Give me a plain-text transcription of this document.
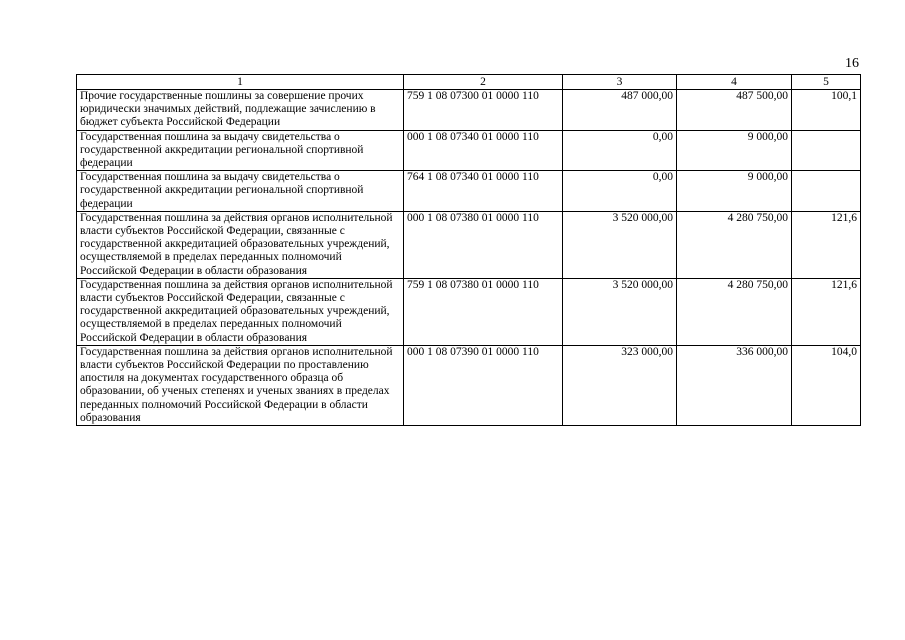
16
1	2	3	4	5
Прочие государственные пошлины за совершение прочих юридически значимых действий, подлежащие зачислению в бюджет субъекта Российской Федерации	759 1 08 07300 01 0000 110	487 000,00	487 500,00	100,1
Государственная пошлина за выдачу свидетельства о государственной аккредитации региональной спортивной федерации	000 1 08 07340 01 0000 110	0,00	9 000,00	
Государственная пошлина за выдачу свидетельства о государственной аккредитации региональной спортивной федерации	764 1 08 07340 01 0000 110	0,00	9 000,00	
Государственная пошлина за действия органов исполнительной власти субъектов Российской Федерации, связанные с государственной аккредитацией образовательных учреждений, осуществляемой в пределах переданных полномочий Российской Федерации в области образования	000 1 08 07380 01 0000 110	3 520 000,00	4 280 750,00	121,6
Государственная пошлина за действия органов исполнительной власти субъектов Российской Федерации, связанные с государственной аккредитацией образовательных учреждений, осуществляемой в пределах переданных полномочий Российской Федерации в области образования	759 1 08 07380 01 0000 110	3 520 000,00	4 280 750,00	121,6
Государственная пошлина за действия органов исполнительной власти субъектов Российской Федерации по проставлению апостиля на документах государственного образца об образовании, об ученых степенях и ученых званиях в пределах переданных полномочий Российской Федерации в области образования	000 1 08 07390 01 0000 110	323 000,00	336 000,00	104,0
